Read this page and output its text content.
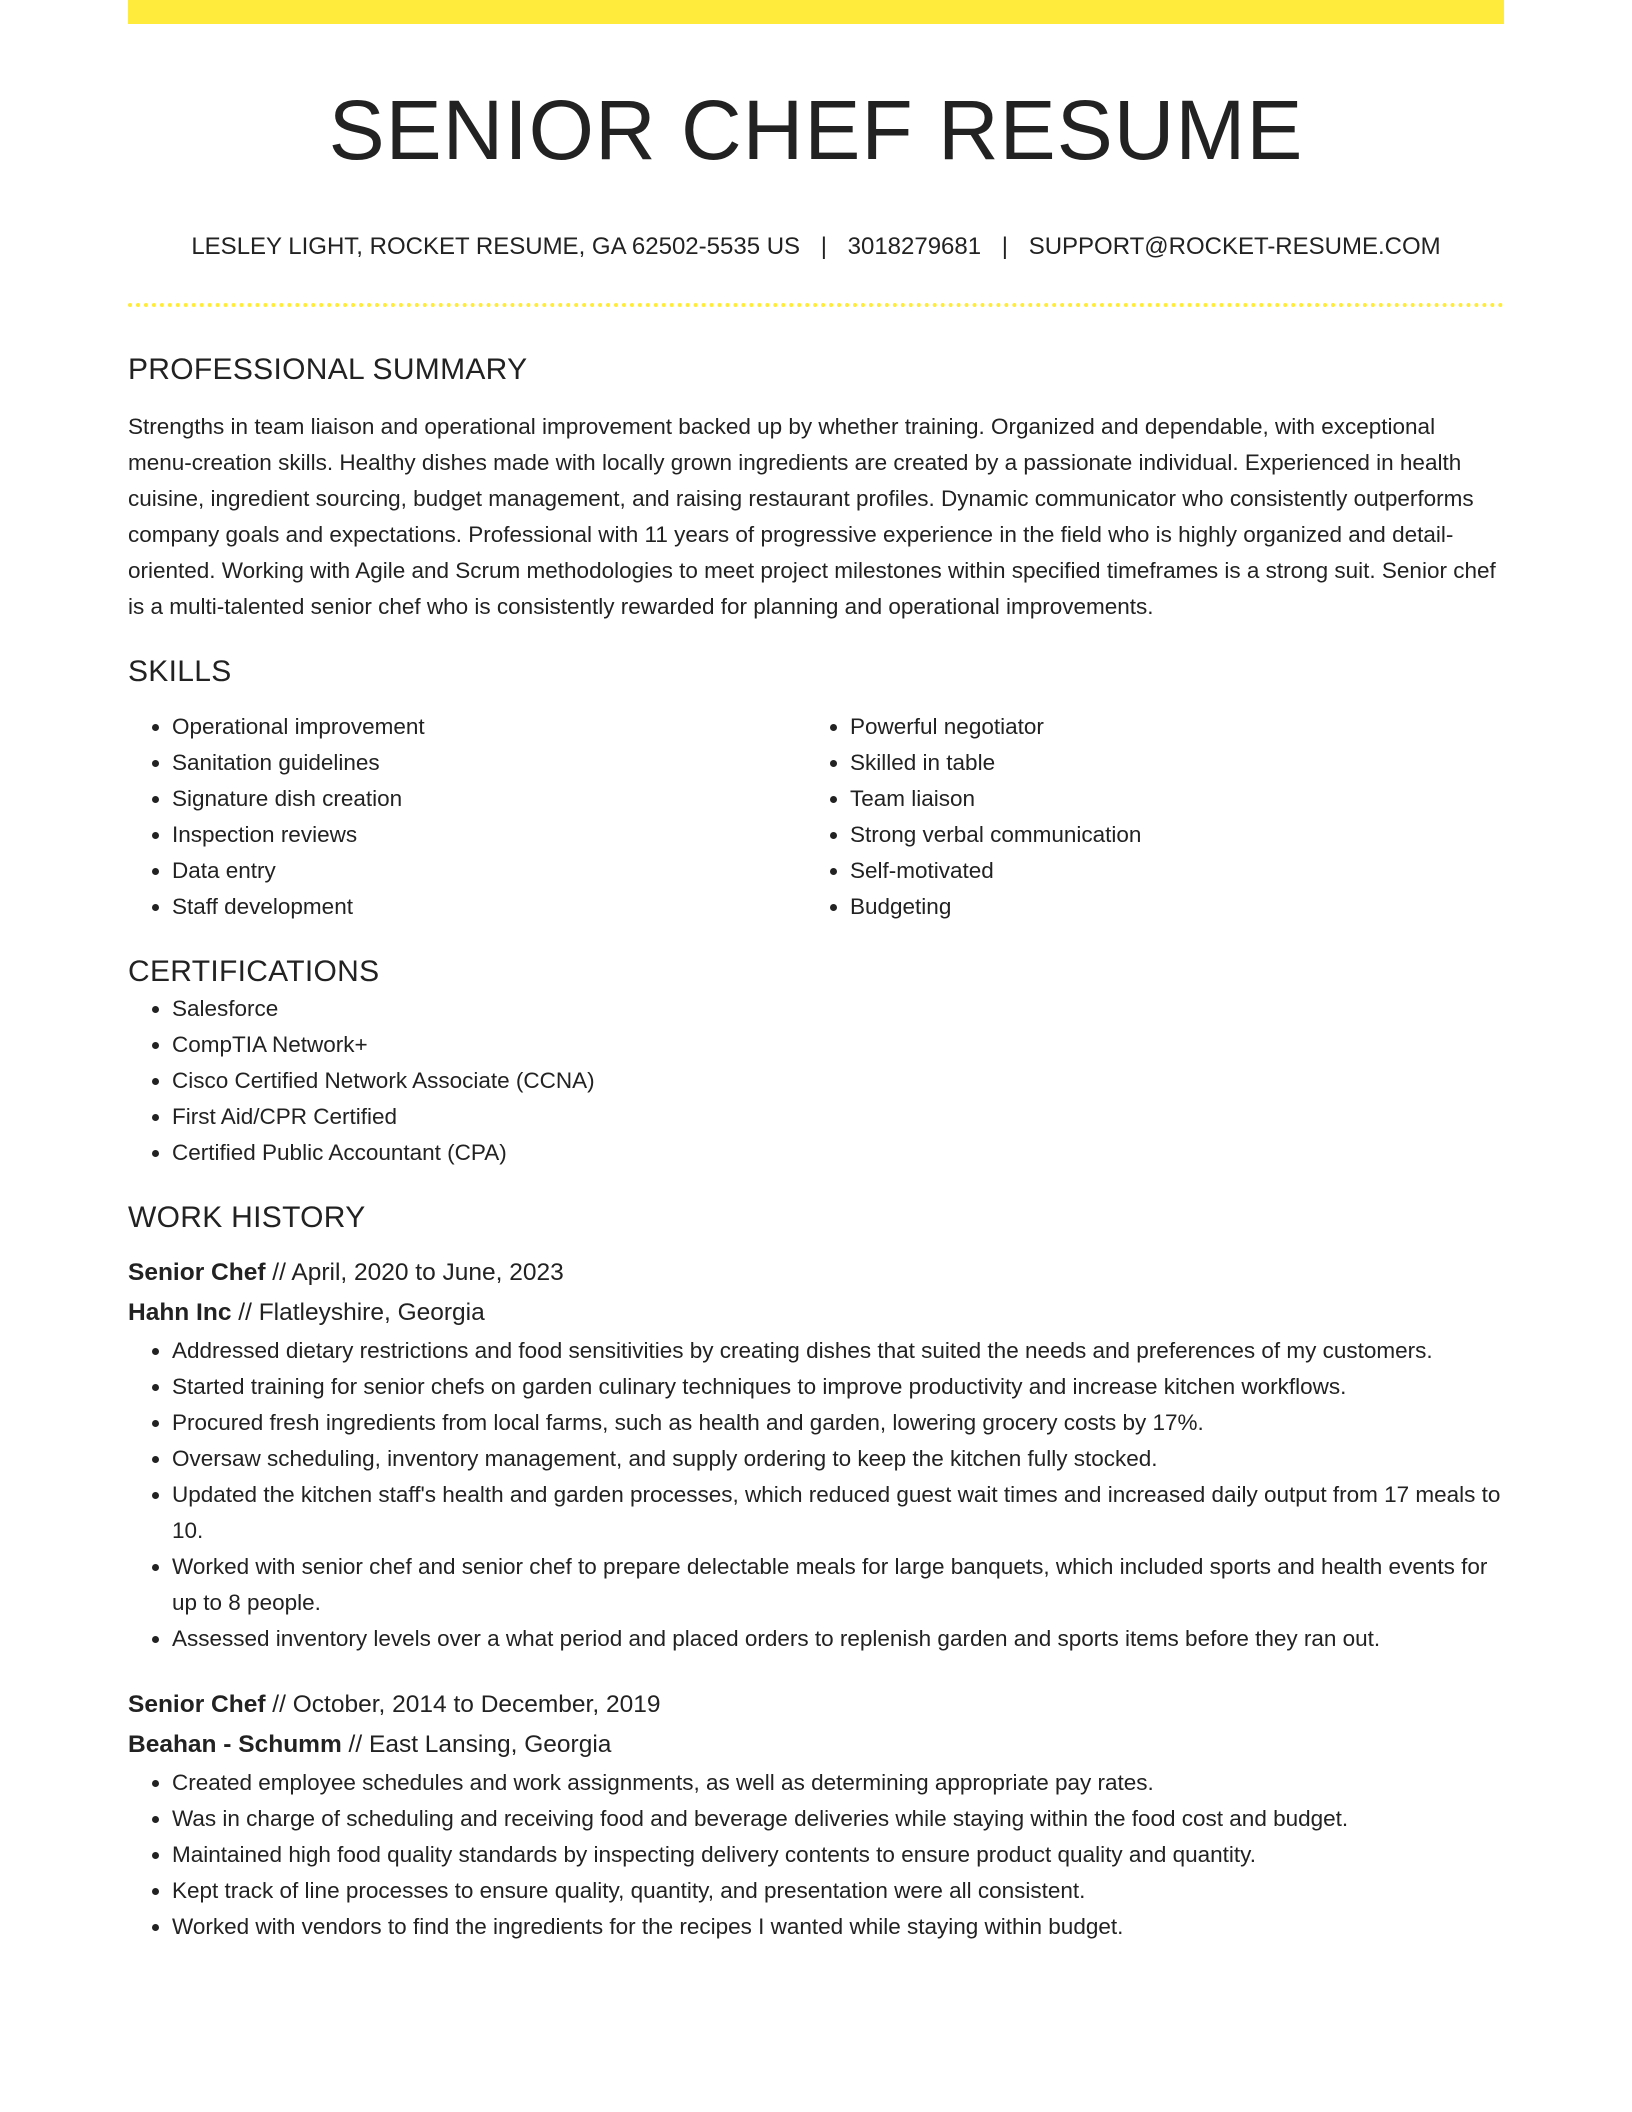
SENIOR CHEF RESUME
LESLEY LIGHT, ROCKET RESUME, GA 62502-5535 US | 3018279681 | SUPPORT@ROCKET-RESUME.COM
PROFESSIONAL SUMMARY

Strengths in team liaison and operational improvement backed up by whether training. Organized and dependable, with exceptional menu-creation skills. Healthy dishes made with locally grown ingredients are created by a passionate individual. Experienced in health cuisine, ingredient sourcing, budget management, and raising restaurant profiles. Dynamic communicator who consistently outperforms company goals and expectations. Professional with 11 years of progressive experience in the field who is highly organized and detail-oriented. Working with Agile and Scrum methodologies to meet project milestones within specified timeframes is a strong suit. Senior chef is a multi-talented senior chef who is consistently rewarded for planning and operational improvements.

SKILLS
• Operational improvement
• Sanitation guidelines
• Signature dish creation
• Inspection reviews
• Data entry
• Staff development
• Powerful negotiator
• Skilled in table
• Team liaison
• Strong verbal communication
• Self-motivated
• Budgeting
CERTIFICATIONS
• Salesforce
• CompTIA Network+
• Cisco Certified Network Associate (CCNA)
• First Aid/CPR Certified
• Certified Public Accountant (CPA)
WORK HISTORY
Senior Chef // April, 2020 to June, 2023
Hahn Inc // Flatleyshire, Georgia
• Addressed dietary restrictions and food sensitivities by creating dishes that suited the needs and preferences of my customers.
• Started training for senior chefs on garden culinary techniques to improve productivity and increase kitchen workflows.
• Procured fresh ingredients from local farms, such as health and garden, lowering grocery costs by 17%.
• Oversaw scheduling, inventory management, and supply ordering to keep the kitchen fully stocked.
• Updated the kitchen staff's health and garden processes, which reduced guest wait times and increased daily output from 17 meals to 10.
• Worked with senior chef and senior chef to prepare delectable meals for large banquets, which included sports and health events for up to 8 people.
• Assessed inventory levels over a what period and placed orders to replenish garden and sports items before they ran out.
Senior Chef // October, 2014 to December, 2019
Beahan - Schumm // East Lansing, Georgia
• Created employee schedules and work assignments, as well as determining appropriate pay rates.
• Was in charge of scheduling and receiving food and beverage deliveries while staying within the food cost and budget.
• Maintained high food quality standards by inspecting delivery contents to ensure product quality and quantity.
• Kept track of line processes to ensure quality, quantity, and presentation were all consistent.
• Worked with vendors to find the ingredients for the recipes I wanted while staying within budget.
